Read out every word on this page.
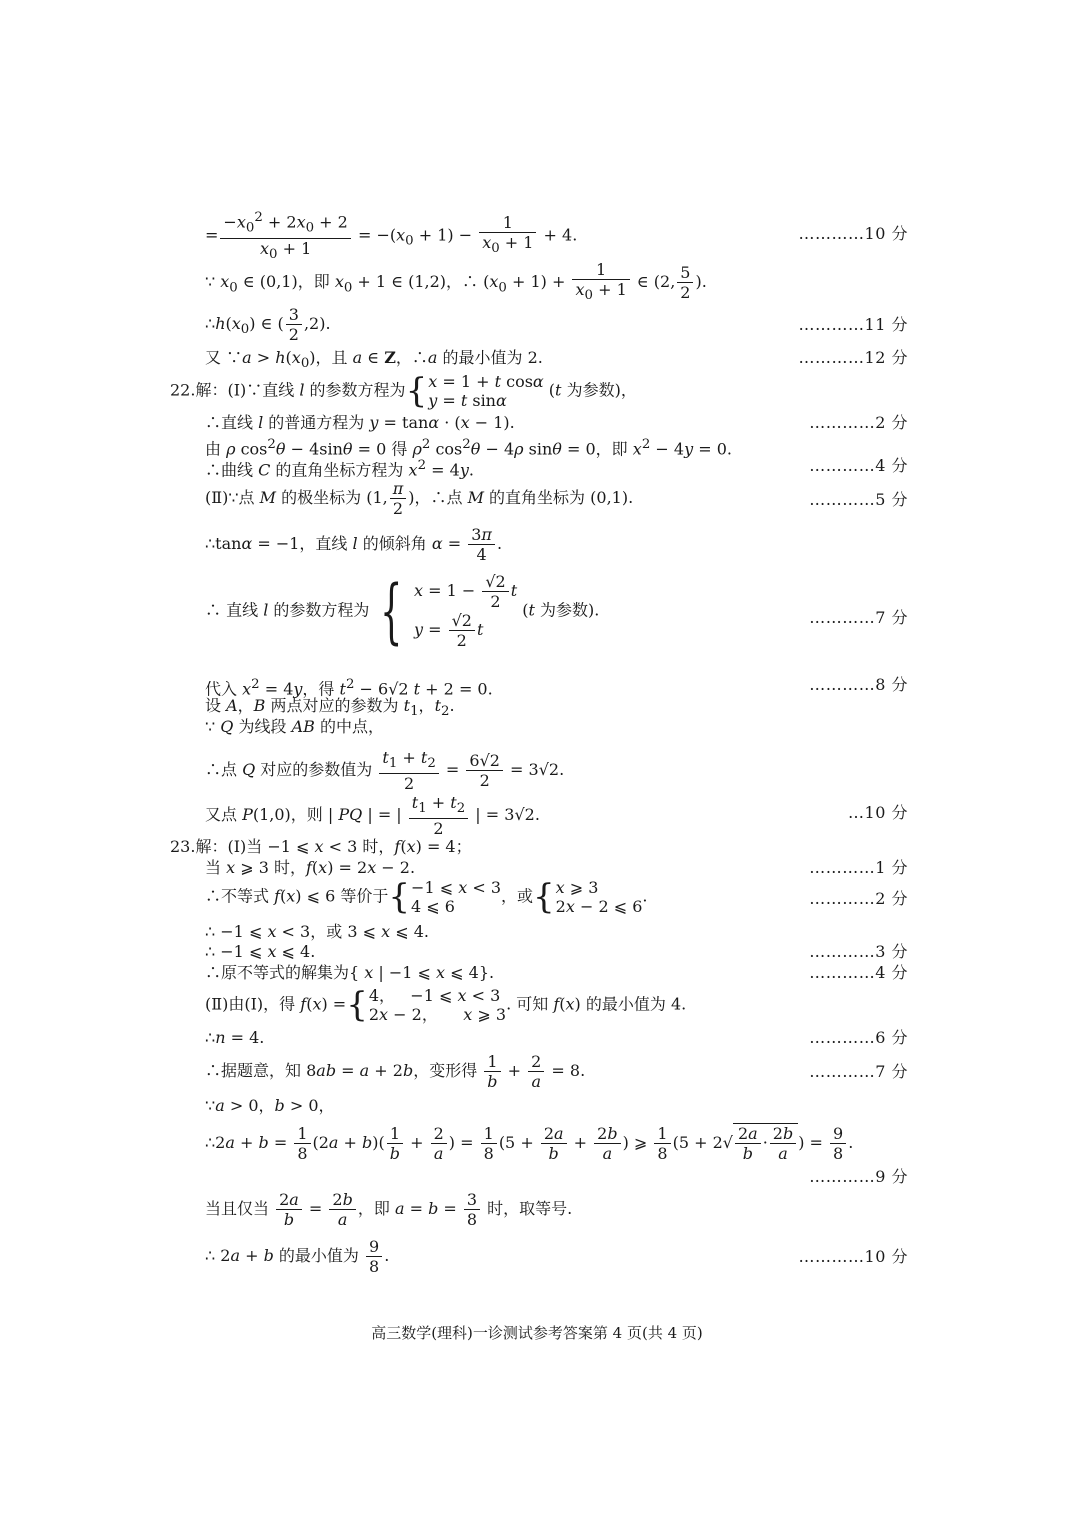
= $\frac{-x_0^2 + 2x_0 + 2}{x_0 + 1} = -(x_0 + 1) - \frac{1}{x_0 + 1} + 4$.	…………10 分
∵ $x_0$ ∈ (0,1)，即 $x_0 + 1$ ∈ (1,2)，∴ $(x_0 + 1) + \frac{1}{x_0 + 1}$ ∈ (2, $\frac{5}{2}$ ).
$\therefore h(x_0)$ ∈ ( $\frac{3}{2} ,2$).	…………11 分
又 ∵a > $h(x_0)$，且 a ∈ Z，∴a 的最小值为 2.	…………12 分
22.解：(Ⅰ)∵直线 l 的参数方程为{ x = 1 + t cosα
y = t sinα
(t 为参数)，
∴直线 l 的普通方程为 y = tanα · (x − 1).	…………2 分
由 ρ $\cos^2\theta - 4\sin\theta = 0$ 得 $\rho^2$ $\cos^2\theta - 4\rho$ sinθ = 0，即 $x^2 - 4y = 0$.
∴曲线 C 的直角坐标方程为 $x^2 = 4y$.	…………4 分
(Ⅱ)∵点 M 的极坐标为 (1, $\frac{\pi}{2}$ )，∴点 M 的直角坐标为 (0,1).	…………5 分
∴tanα = −1，直线 l 的倾斜角 $\alpha = \frac{3\pi}{4}$ .
∴ 直线 l 的参数方程为 { $x = 1 - \frac{√2}{2}$ t
$y = \frac{√2}{2}$ t
(t 为参数).	…………7 分
代入 $x^2 = 4y$，得 $t^2 - 6√2$ t + 2 = 0.	…………8 分
设 A，B 两点对应的参数为 $t_1$，$t_2$.
∵ Q 为线段 AB 的中点，
∴点 Q 对应的参数值为 $\frac{t_1 + t_2}{2} = \frac{6√2}{2} = 3√2$.
又点 P(1,0)，则 | PQ | = | $\frac{t_1 + t_2}{2}$ | = 3√2.	…10 分
23.解：(Ⅰ)当 −1 ⩽ x < 3 时，f(x) = 4；
当 x ⩾ 3 时，f(x) = 2x − 2.	…………1 分
∴不等式 f(x) ⩽ 6 等价于{ −1 ⩽ x < 3
4 ⩽ 6
，或{ x ⩾ 3
2x − 2 ⩽ 6
.	…………2 分
∴ −1 ⩽ x < 3，或 3 ⩽ x ⩽ 4.
∴ −1 ⩽ x ⩽ 4.	…………3 分
∴原不等式的解集为{ x | −1 ⩽ x ⩽ 4}.	…………4 分
(Ⅱ)由(Ⅰ)，得 f(x) ={ 4，   −1 ⩽ x < 3
2x − 2，     x ⩾ 3
. 可知 f(x) 的最小值为 4.
∴n = 4.	…………6 分
∴据题意，知 8ab = a + 2b，变形得 $\frac{1}{b} + \frac{2}{a} = 8$.	…………7 分
∵a > 0，b > 0，
∴2a + $b = \frac{1}{8} (2a + b)( \frac{1}{b} + \frac{2}{a}$ ) = $\frac{1}{8} (5 + \frac{2a}{b} + \frac{2b}{a}$ ) ⩾ $\frac{1}{8} (5 + 2√ \frac{2a}{b} \cdot \frac{2b}{a}$ ) = $\frac{9}{8}$ .
…………9 分
当且仅当 $\frac{2a}{b} = \frac{2b}{a}$ ，即 $a = b = \frac{3}{8}$ 时，取等号.
∴ 2a + b 的最小值为 $\frac{9}{8}$ .	…………10 分
高三数学(理科)一诊测试参考答案第 4 页(共 4 页)
